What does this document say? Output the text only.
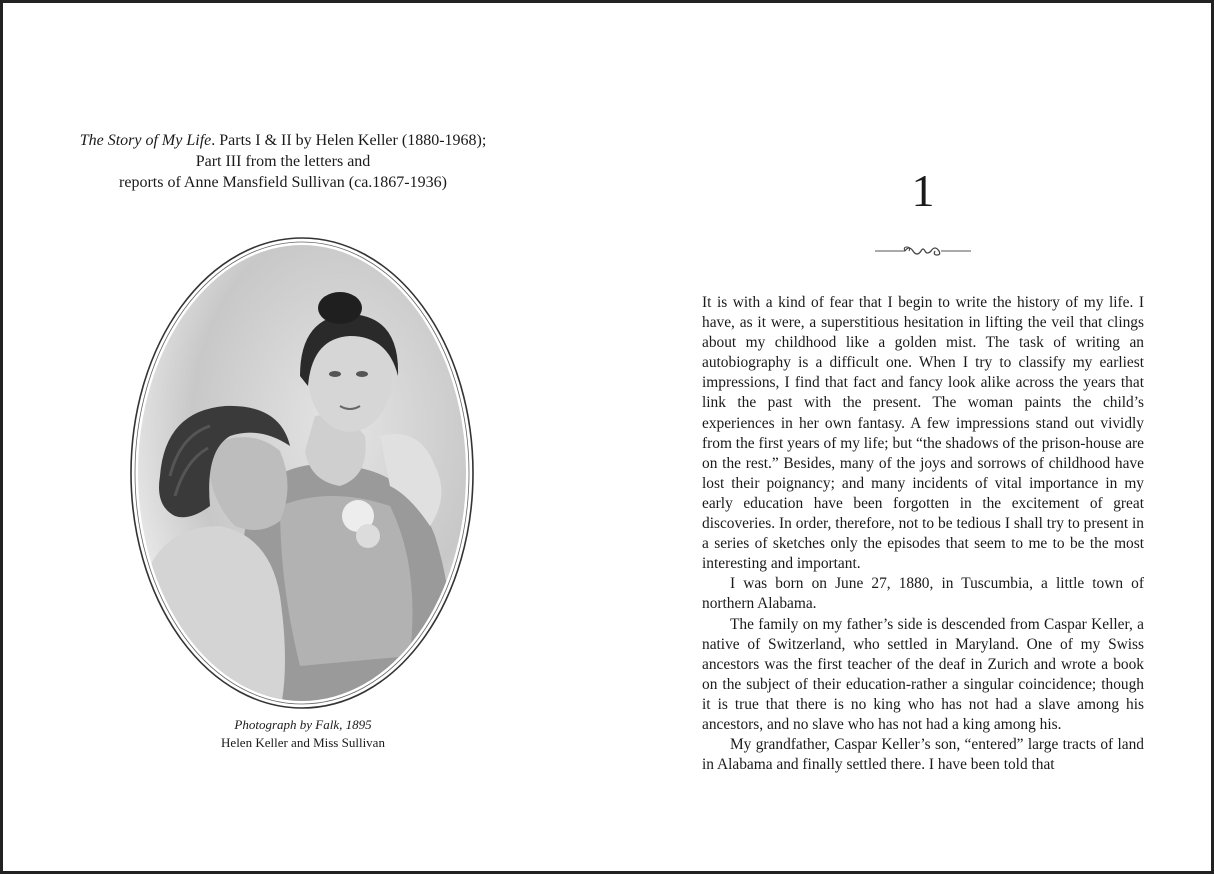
The Story of My Life. Parts I & II by Helen Keller (1880-1968);
Part III from the letters and
reports of Anne Mansfield Sullivan (ca.1867-1936)
Photograph by Falk, 1895
Helen Keller and Miss Sullivan
1

It is with a kind of fear that I begin to write the history of my life. I have, as it were, a superstitious hesitation in lifting the veil that clings about my childhood like a golden mist. The task of writing an autobiography is a difficult one. When I try to classify my earliest impressions, I find that fact and fancy look alike across the years that link the past with the present. The woman paints the child’s experiences in her own fantasy. A few impressions stand out vividly from the first years of my life; but “the shadows of the prison-house are on the rest.” Besides, many of the joys and sorrows of childhood have lost their poignancy; and many incidents of vital importance in my early education have been forgotten in the excitement of great discoveries. In order, therefore, not to be tedious I shall try to present in a series of sketches only the episodes that seem to me to be the most interesting and important.

I was born on June 27, 1880, in Tuscumbia, a little town of northern Alabama.

The family on my father’s side is descended from Caspar Keller, a native of Switzerland, who settled in Maryland. One of my Swiss ancestors was the first teacher of the deaf in Zurich and wrote a book on the subject of their education-rather a singular coincidence; though it is true that there is no king who has not had a slave among his ancestors, and no slave who has not had a king among his.

My grandfather, Caspar Keller’s son, “entered” large tracts of land in Alabama and finally settled there. I have been told that
